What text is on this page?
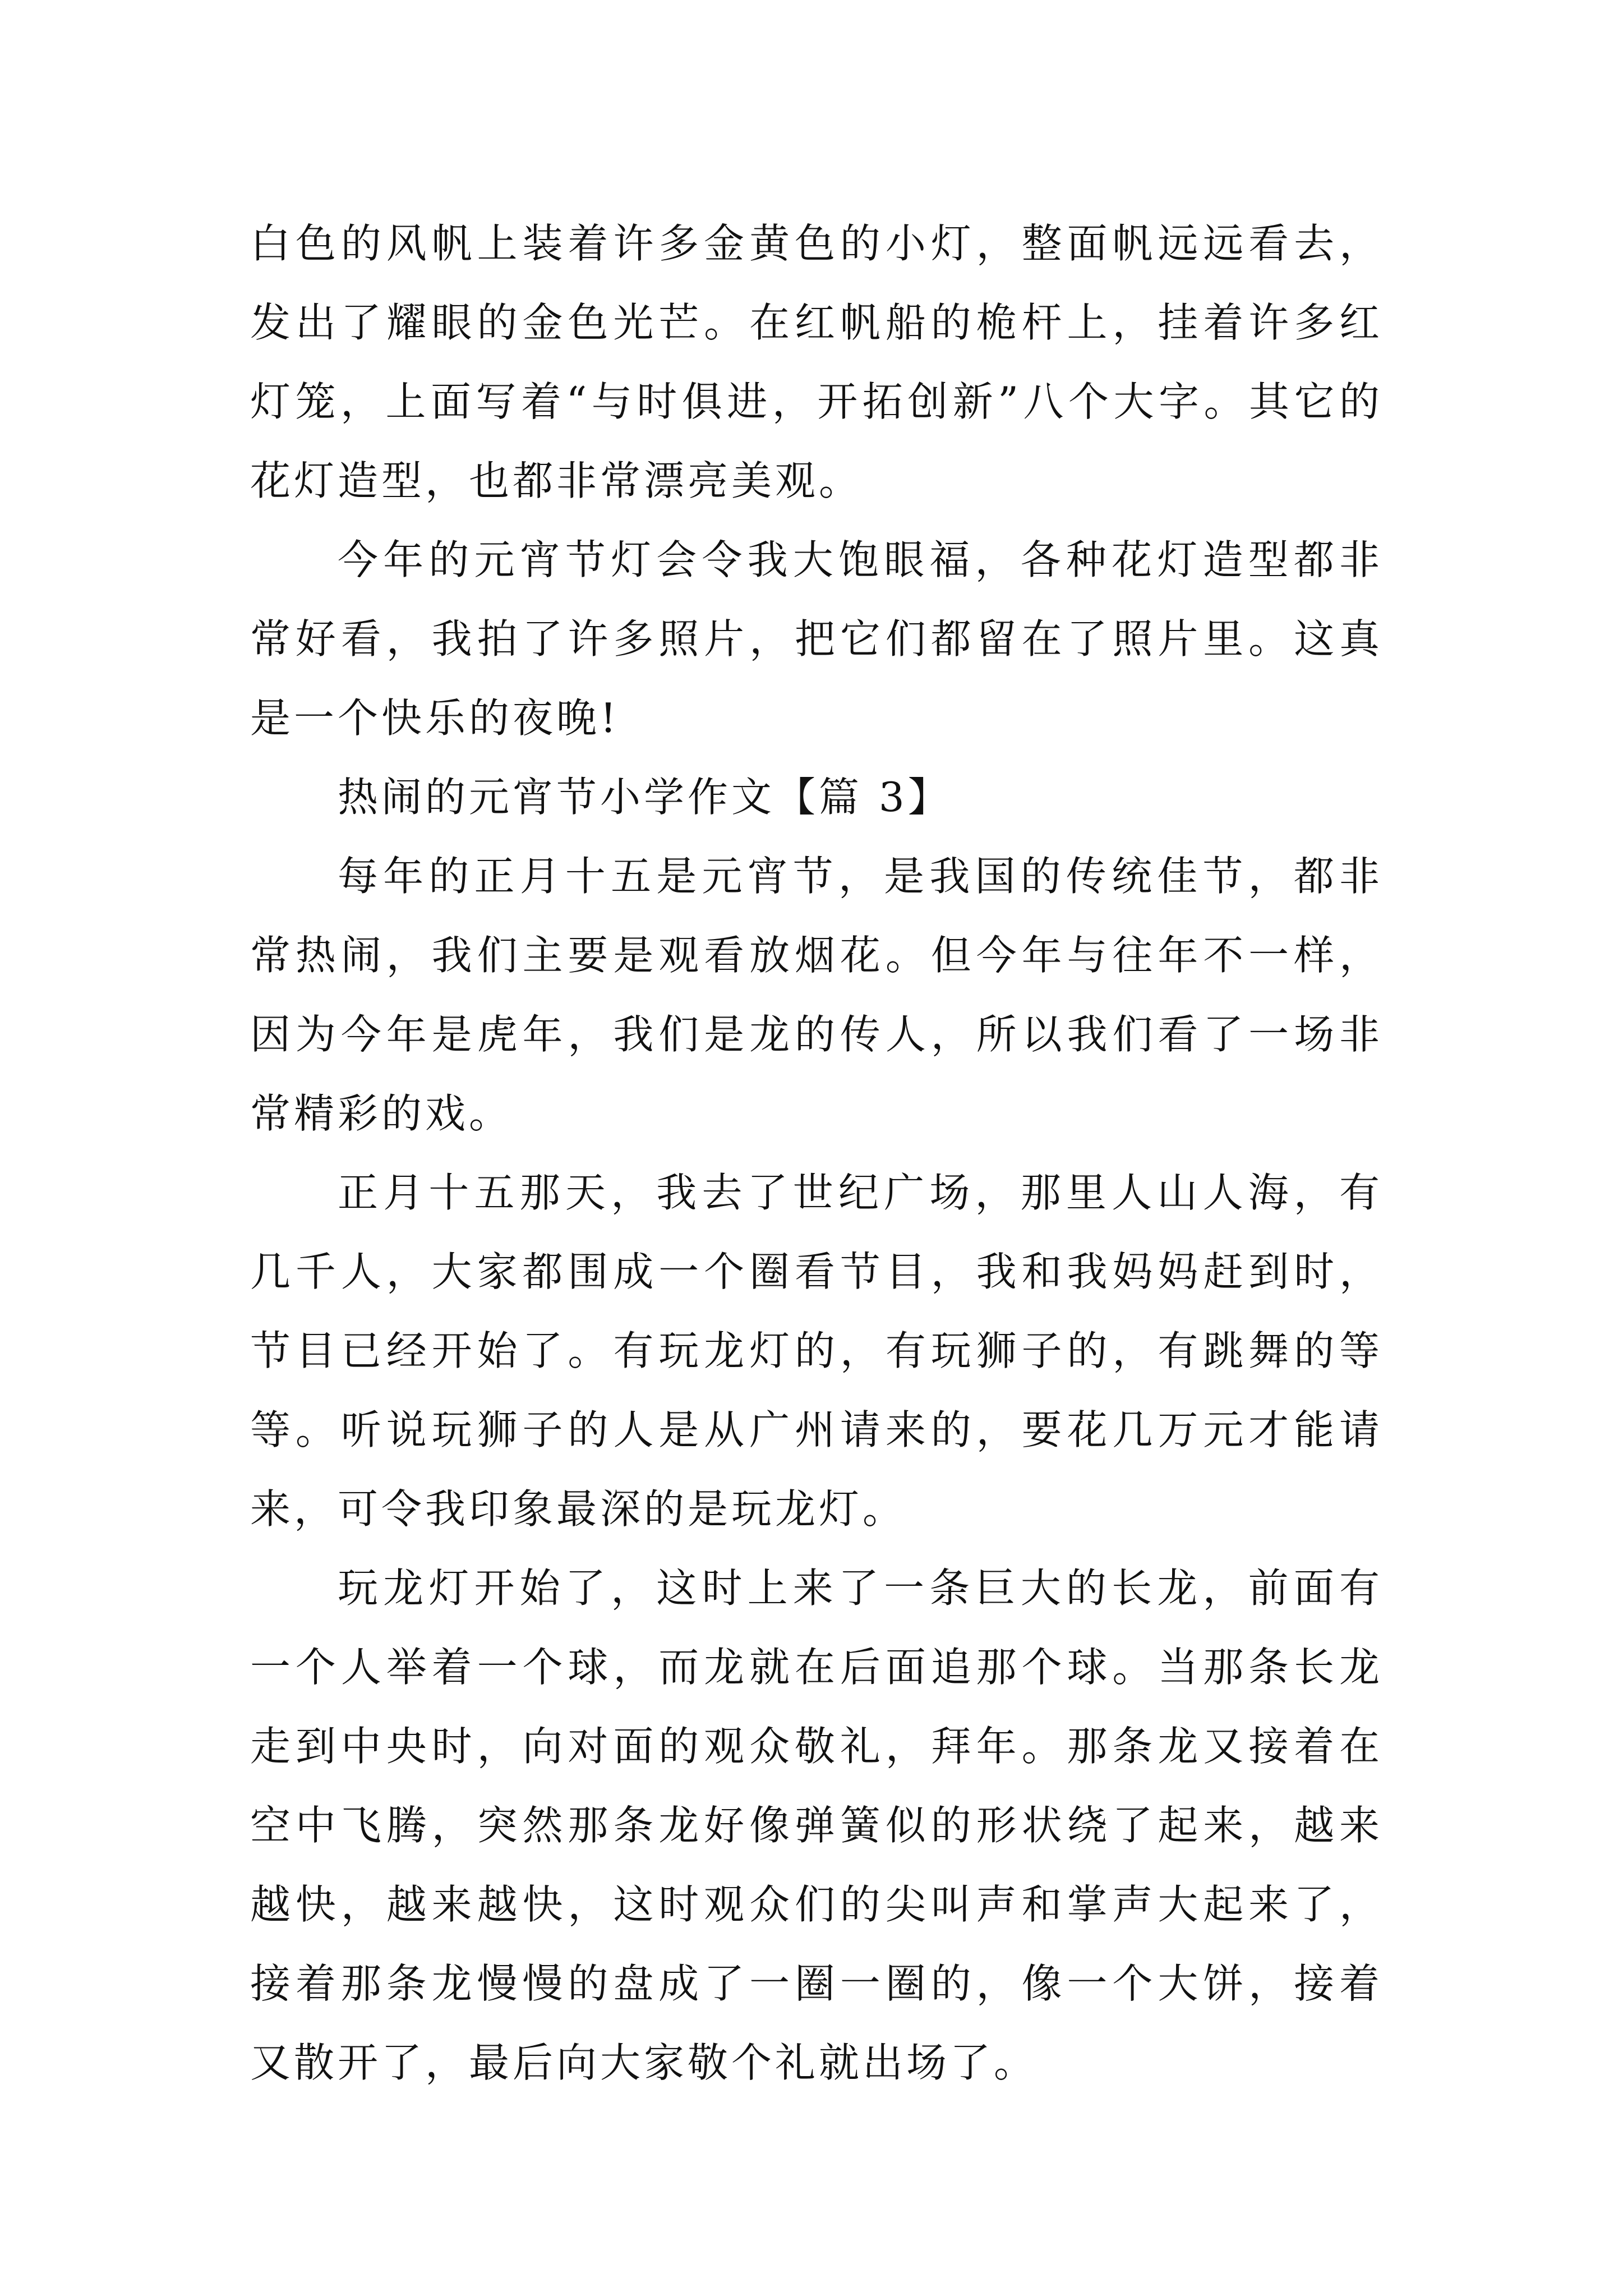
白色的风帆上装着许多金黄色的小灯，整面帆远远看去，发出了耀眼的金色光芒。在红帆船的桅杆上，挂着许多红灯笼，上面写着“与时俱进，开拓创新”八个大字。其它的花灯造型，也都非常漂亮美观。

今年的元宵节灯会令我大饱眼福，各种花灯造型都非常好看，我拍了许多照片，把它们都留在了照片里。这真是一个快乐的夜晚!

热闹的元宵节小学作文【篇 3】

每年的正月十五是元宵节，是我国的传统佳节，都非常热闹，我们主要是观看放烟花。但今年与往年不一样，因为今年是虎年，我们是龙的传人，所以我们看了一场非常精彩的戏。

正月十五那天，我去了世纪广场，那里人山人海，有几千人，大家都围成一个圈看节目，我和我妈妈赶到时，节目已经开始了。有玩龙灯的，有玩狮子的，有跳舞的等等。听说玩狮子的人是从广州请来的，要花几万元才能请来，可令我印象最深的是玩龙灯。

玩龙灯开始了，这时上来了一条巨大的长龙，前面有一个人举着一个球，而龙就在后面追那个球。当那条长龙走到中央时，向对面的观众敬礼，拜年。那条龙又接着在空中飞腾，突然那条龙好像弹簧似的形状绕了起来，越来越快，越来越快，这时观众们的尖叫声和掌声大起来了，接着那条龙慢慢的盘成了一圈一圈的，像一个大饼，接着又散开了，最后向大家敬个礼就出场了。
